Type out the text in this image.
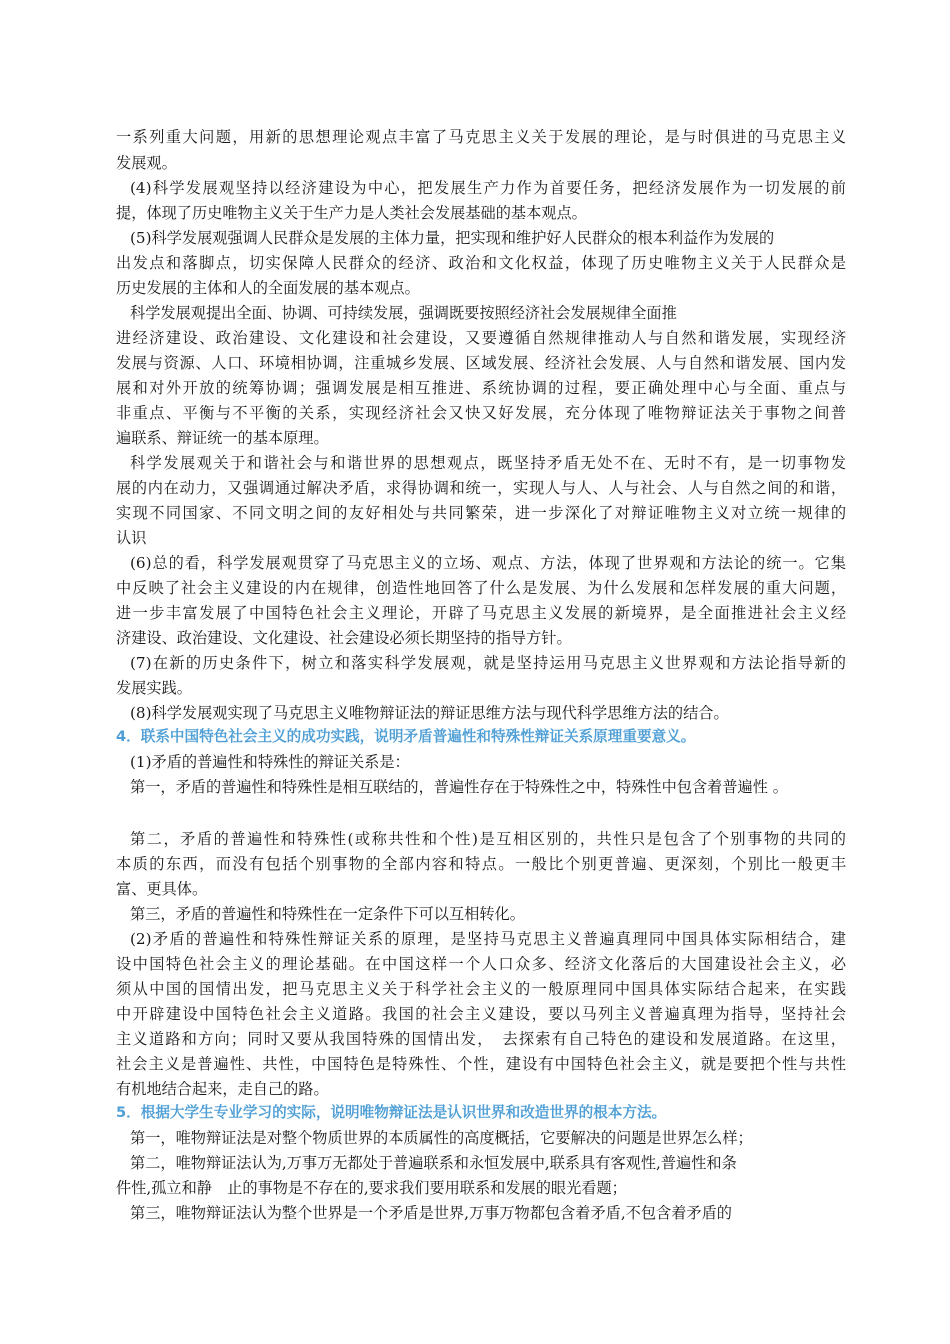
一系列重大问题，用新的思想理论观点丰富了马克思主义关于发展的理论，是与时俱进的马克思主义
发展观。
(4)科学发展观坚持以经济建设为中心，把发展生产力作为首要任务，把经济发展作为一切发展的前
提，体现了历史唯物主义关于生产力是人类社会发展基础的基本观点。
(5)科学发展观强调人民群众是发展的主体力量，把实现和维护好人民群众的根本利益作为发展的
出发点和落脚点，切实保障人民群众的经济、政治和文化权益，体现了历史唯物主义关于人民群众是
历史发展的主体和人的全面发展的基本观点。
科学发展观提出全面、协调、可持续发展，强调既要按照经济社会发展规律全面推
进经济建设、政治建设、文化建设和社会建设，又要遵循自然规律推动人与自然和谐发展，实现经济
发展与资源、人口、环境相协调，注重城乡发展、区域发展、经济社会发展、人与自然和谐发展、国内发
展和对外开放的统筹协调；强调发展是相互推进、系统协调的过程，要正确处理中心与全面、重点与
非重点、平衡与不平衡的关系，实现经济社会又快又好发展，充分体现了唯物辩证法关于事物之间普
遍联系、辩证统一的基本原理。
科学发展观关于和谐社会与和谐世界的思想观点，既坚持矛盾无处不在、无时不有，是一切事物发
展的内在动力，又强调通过解决矛盾，求得协调和统一，实现人与人、人与社会、人与自然之间的和谐，
实现不同国家、不同文明之间的友好相处与共同繁荣，进一步深化了对辩证唯物主义对立统一规律的
认识
(6)总的看，科学发展观贯穿了马克思主义的立场、观点、方法，体现了世界观和方法论的统一。它集
中反映了社会主义建设的内在规律，创造性地回答了什么是发展、为什么发展和怎样发展的重大问题，
进一步丰富发展了中国特色社会主义理论，开辟了马克思主义发展的新境界，是全面推进社会主义经
济建设、政治建设、文化建设、社会建设必须长期坚持的指导方针。
(7)在新的历史条件下，树立和落实科学发展观，就是坚持运用马克思主义世界观和方法论指导新的
发展实践。
(8)科学发展观实现了马克思主义唯物辩证法的辩证思维方法与现代科学思维方法的结合。
4．联系中国特色社会主义的成功实践，说明矛盾普遍性和特殊性辩证关系原理重要意义。
(1)矛盾的普遍性和特殊性的辩证关系是：
第一，矛盾的普遍性和特殊性是相互联结的，普遍性存在于特殊性之中，特殊性中包含着普遍性 。
第二，矛盾的普遍性和特殊性(或称共性和个性)是互相区别的，共性只是包含了个别事物的共同的
本质的东西，而没有包括个别事物的全部内容和特点。一般比个别更普遍、更深刻，个别比一般更丰
富、更具体。
第三，矛盾的普遍性和特殊性在一定条件下可以互相转化。
(2)矛盾的普遍性和特殊性辩证关系的原理，是坚持马克思主义普遍真理同中国具体实际相结合，建
设中国特色社会主义的理论基础。在中国这样一个人口众多、经济文化落后的大国建设社会主义，必
须从中国的国情出发，把马克思主义关于科学社会主义的一般原理同中国具体实际结合起来，在实践
中开辟建设中国特色社会主义道路。我国的社会主义建设，要以马列主义普遍真理为指导，坚持社会
主义道路和方向；同时又要从我国特殊的国情出发，　去探索有自己特色的建设和发展道路。在这里，
社会主义是普遍性、共性，中国特色是特殊性、个性，建设有中国特色社会主义，就是要把个性与共性
有机地结合起来，走自己的路。
5．根据大学生专业学习的实际，说明唯物辩证法是认识世界和改造世界的根本方法。
第一，唯物辩证法是对整个物质世界的本质属性的高度概括，它要解决的问题是世界怎么样；
第二，唯物辩证法认为,万事万无都处于普遍联系和永恒发展中,联系具有客观性,普遍性和条
件性,孤立和静　止的事物是不存在的,要求我们要用联系和发展的眼光看题；
第三，唯物辩证法认为整个世界是一个矛盾是世界,万事万物都包含着矛盾,不包含着矛盾的
